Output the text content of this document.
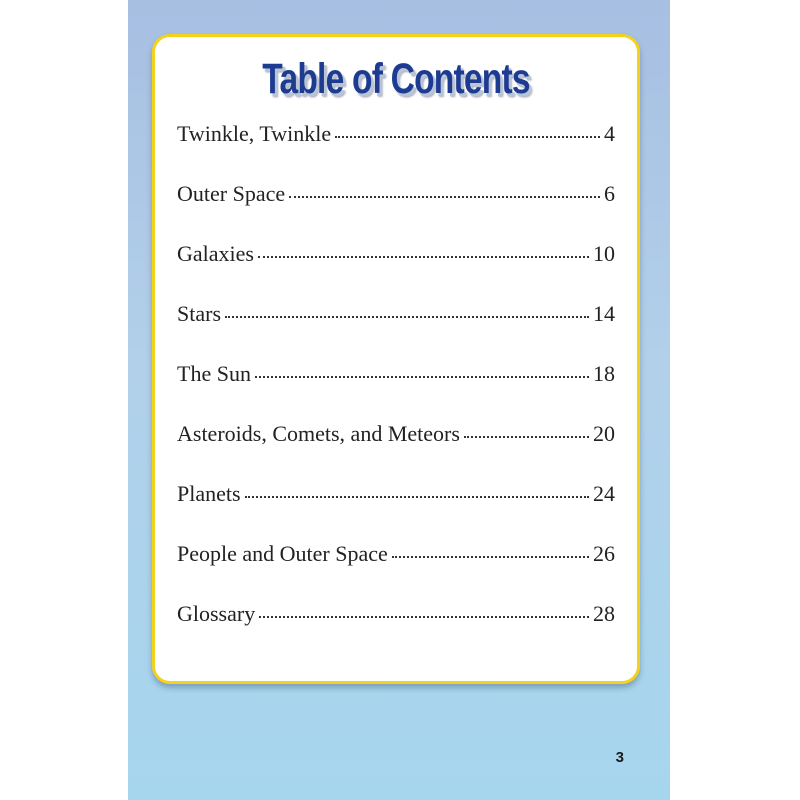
Table of Contents
Twinkle, Twinkle	4
Outer Space	6
Galaxies	10
Stars	14
The Sun	18
Asteroids, Comets, and Meteors	20
Planets	24
People and Outer Space	26
Glossary	28
3
